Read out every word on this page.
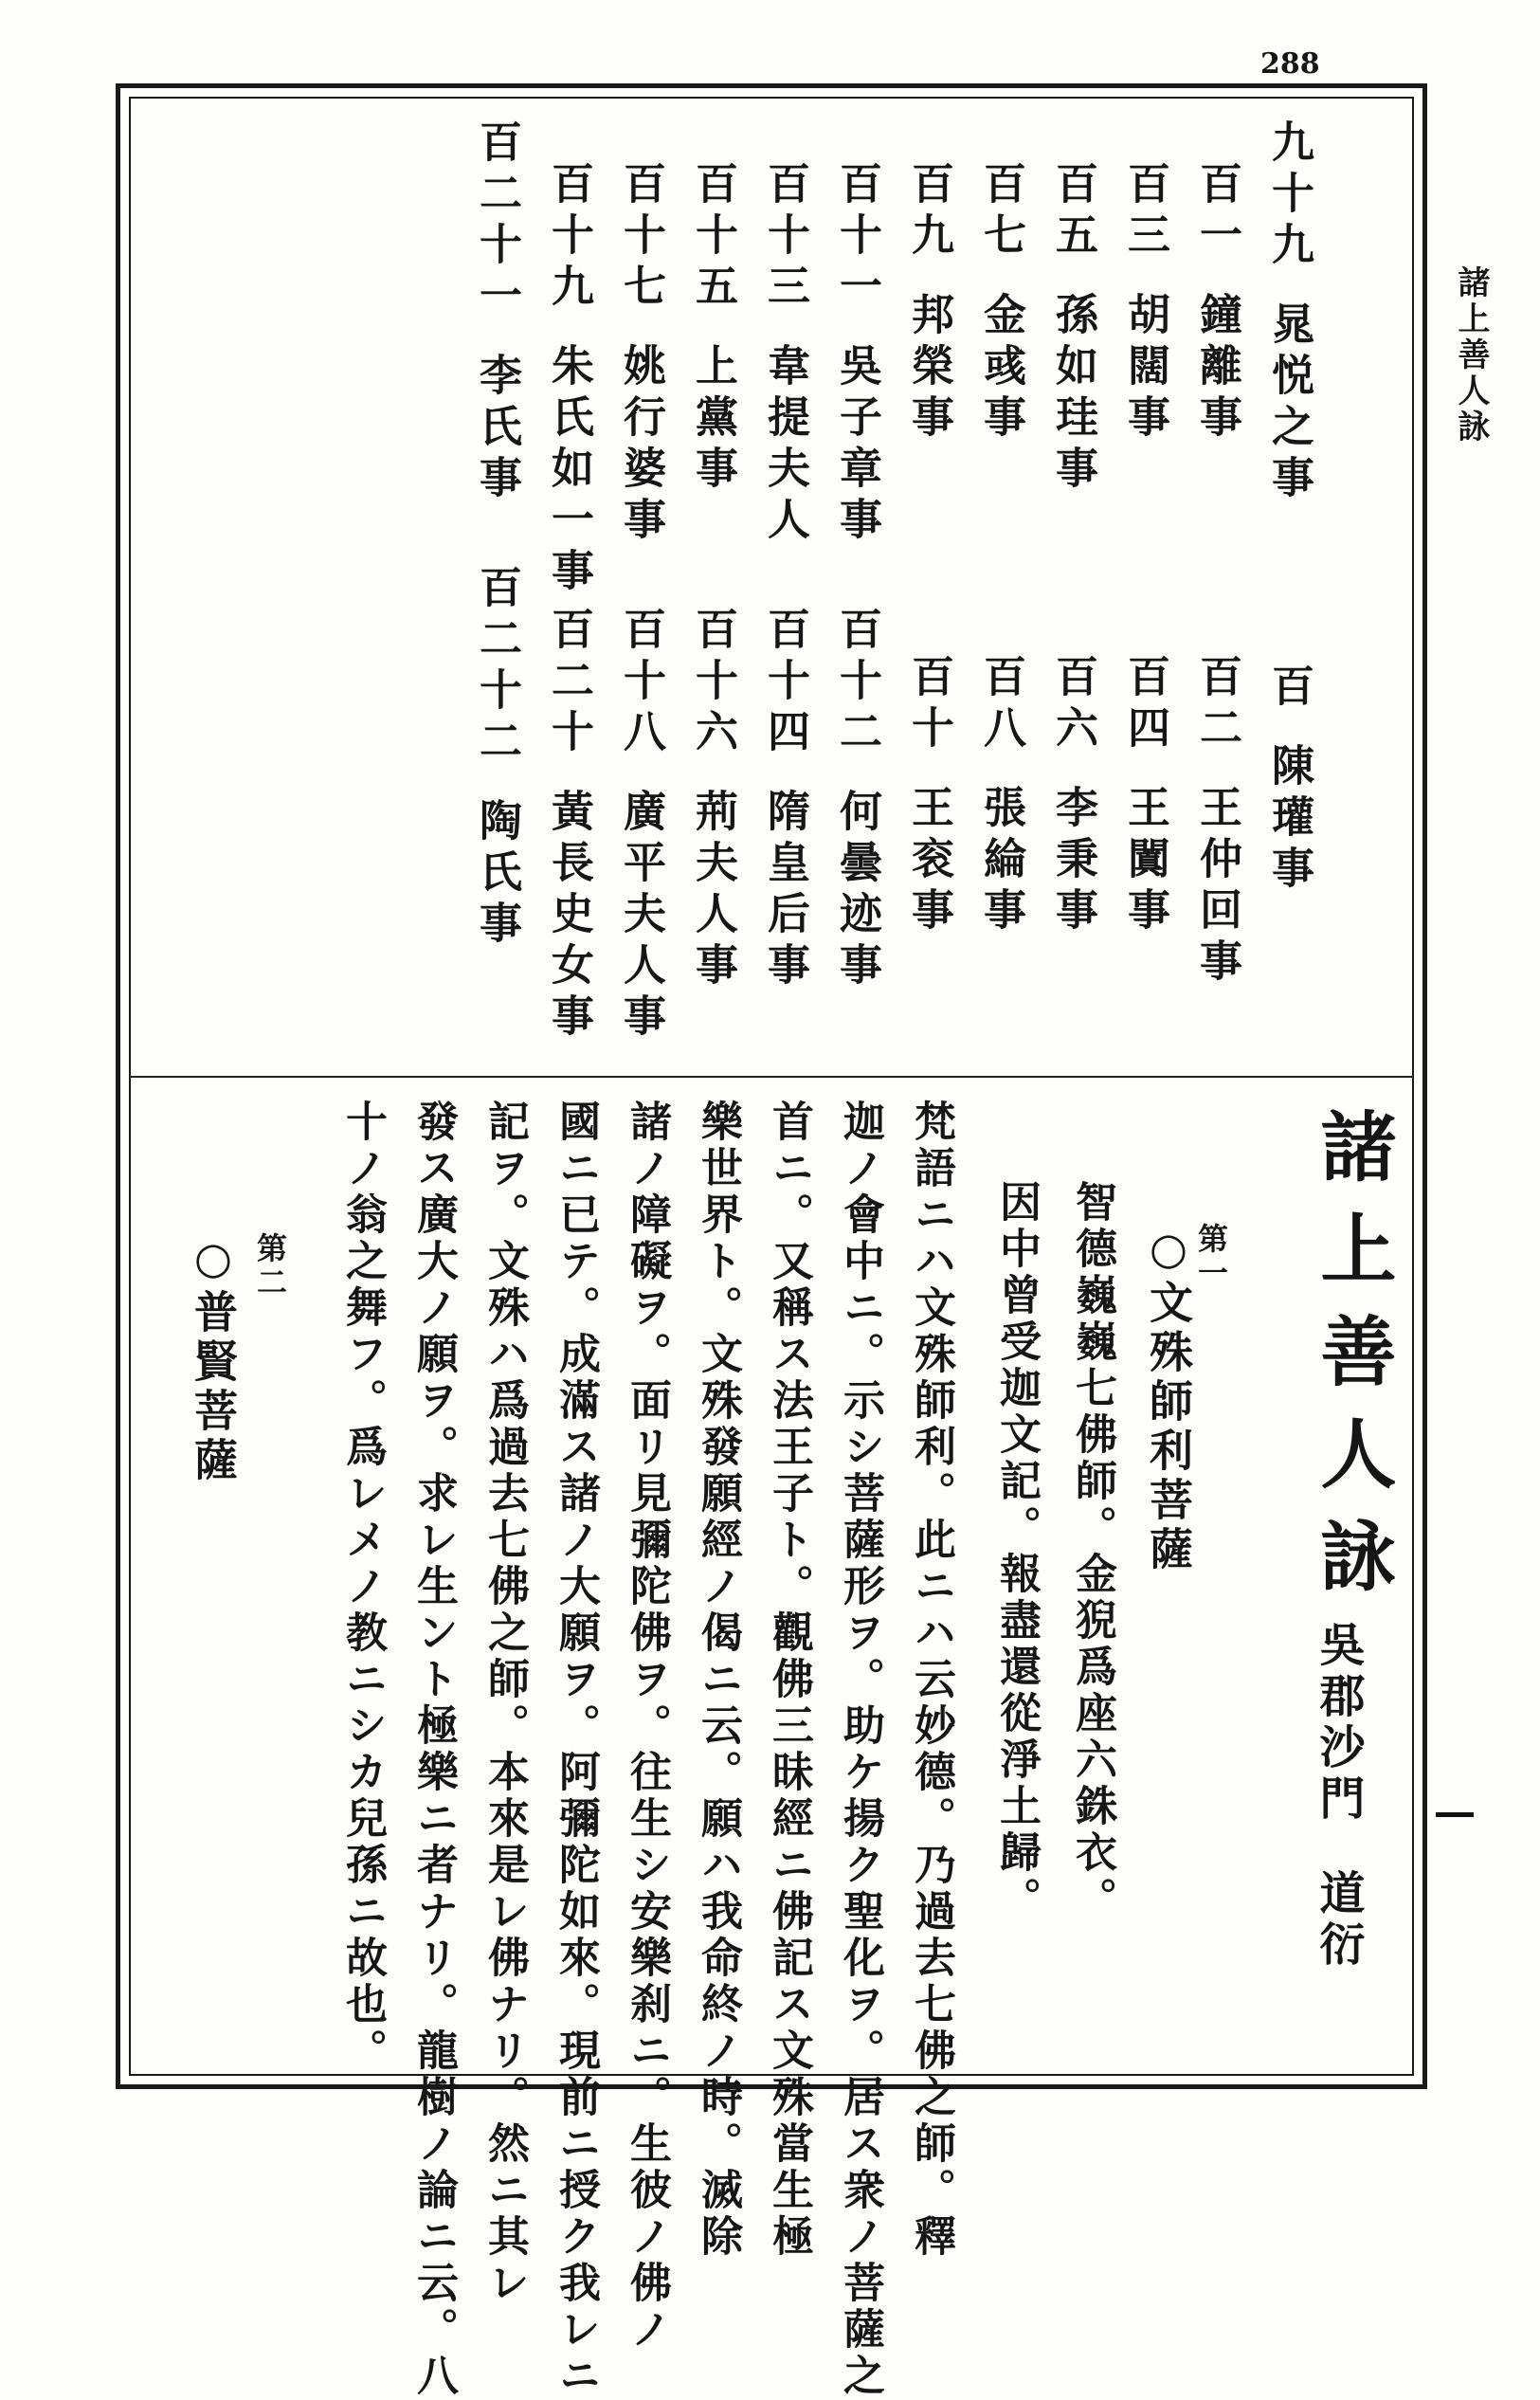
288
諸上善人詠
九十九晁悦之事
百一鐘離事
百三胡闊事
百五孫如珪事
百七金彧事
百九邦榮事
百十一吳子章事
百十三韋提夫人
百十五上黨事
百十七姚行婆事
百十九朱氏如一事
百二十一李氏事
百陳瓘事
百二王仲回事
百四王闐事
百六李秉事
百八張綸事
百十王衮事
百十二何曇迹事
百十四隋皇后事
百十六荊夫人事
百十八廣平夫人事
百二十黃長史女事
百二十二陶氏事
諸上善人詠
吳郡沙門道衍
第一
○文殊師利菩薩
智德巍巍七佛師。金猊爲座六銖衣。
因中曾受迦文記。報盡還從淨土歸。
梵語ニハ文殊師利。此ニハ云妙德。乃過去七佛之師。釋
迦ノ會中ニ。示シ菩薩形ヲ。助ケ揚ク聖化ヲ。居ス衆ノ菩薩之
首ニ。又稱ス法王子ト。觀佛三昧經ニ佛記ス文殊當生極
樂世界ト。文殊發願經ノ偈ニ云。願ハ我命終ノ時。滅除
諸ノ障礙ヲ。面リ見彌陀佛ヲ。往生シ安樂刹ニ。生彼ノ佛ノ
國ニ已テ。成滿ス諸ノ大願ヲ。阿彌陀如來。現前ニ授ク我レニ
記ヲ。文殊ハ爲過去七佛之師。本來是レ佛ナリ。然ニ其レ
發ス廣大ノ願ヲ。求レ生ント極樂ニ者ナリ。龍樹ノ論ニ云。八
十ノ翁之舞フ。爲レメノ教ニシカ兒孫ニ故也。
第二
○普賢菩薩
